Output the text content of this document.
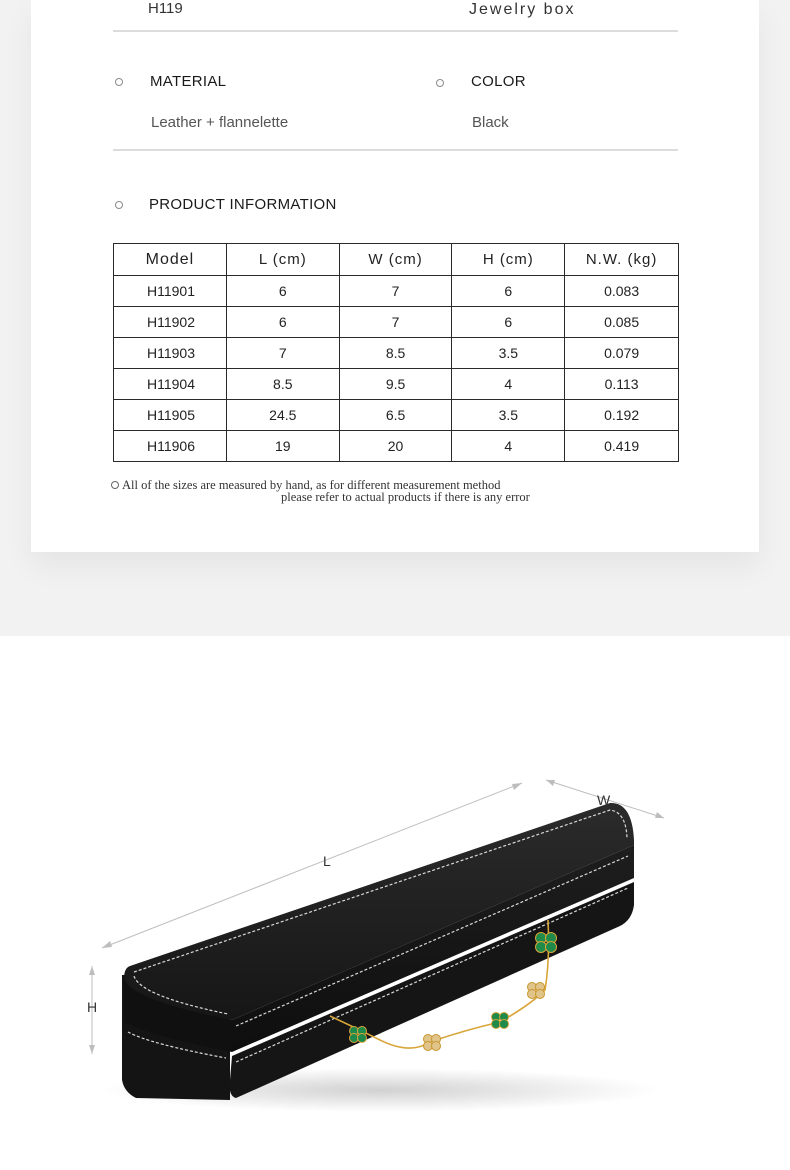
H119	Jewelry box
MATERIAL
Leather + flannelette
COLOR
Black
PRODUCT INFORMATION
Model	L (cm)	W (cm)	H (cm)	N.W. (kg)
H11901	6	7	6	0.083
H11902	6	7	6	0.085
H11903	7	8.5	3.5	0.079
H11904	8.5	9.5	4	0.113
H11905	24.5	6.5	3.5	0.192
H11906	19	20	4	0.419
All of the sizes are measured by hand, as for different measurement method
please refer to actual products if there is any error
L
W
H
